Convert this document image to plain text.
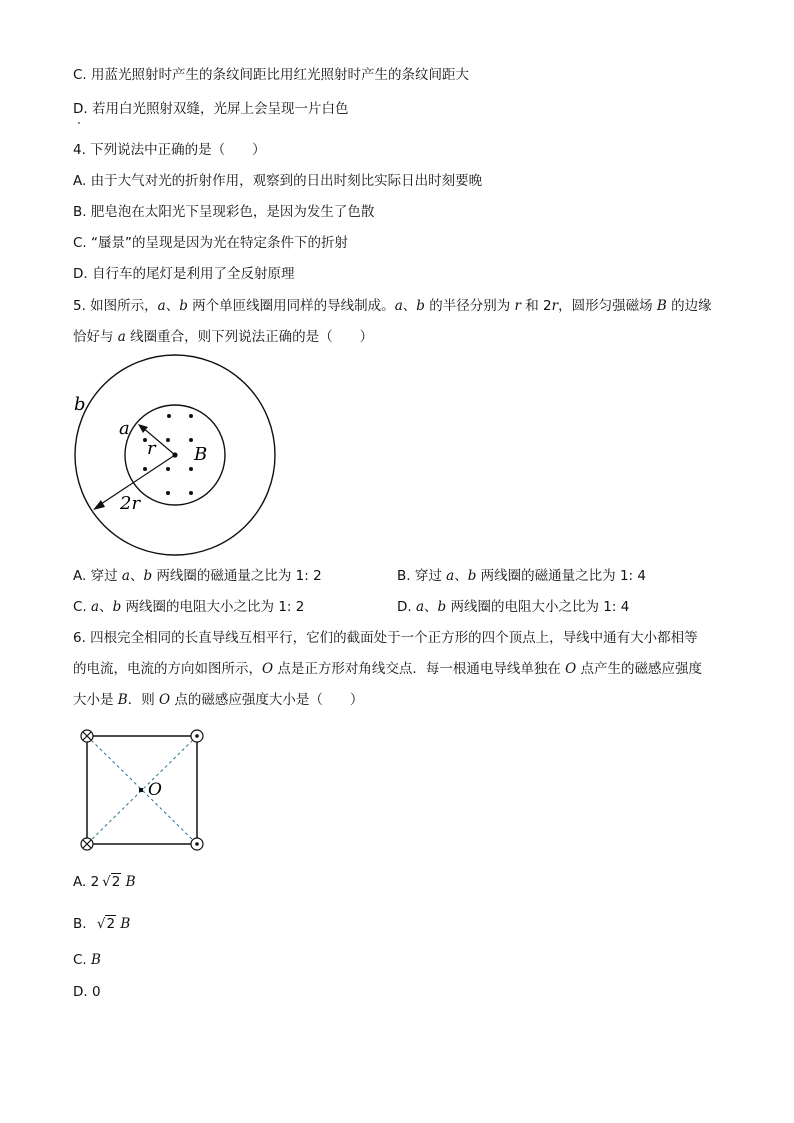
C. 用蓝光照射时产生的条纹间距比用红光照射时产生的条纹间距大
D. 若用白光照射双缝，光屏上会呈现一片白色
4. 下列说法中正确的是（　　）
A. 由于大气对光的折射作用，观察到的日出时刻比实际日出时刻要晚
B. 肥皂泡在太阳光下呈现彩色，是因为发生了色散
C. “蜃景”的呈现是因为光在特定条件下的折射
D. 自行车的尾灯是利用了全反射原理
5. 如图所示，a、b 两个单匝线圈用同样的导线制成。a、b 的半径分别为 r 和 2r，圆形匀强磁场 B 的边缘
恰好与 a 线圈重合，则下列说法正确的是（　　）
b
a
r B
2r
A. 穿过 a、b 两线圈的磁通量之比为 1: 2	B. 穿过 a、b 两线圈的磁通量之比为 1: 4
C. a、b 两线圈的电阻大小之比为 1: 2	D. a、b 两线圈的电阻大小之比为 1: 4
6. 四根完全相同的长直导线互相平行，它们的截面处于一个正方形的四个顶点上，导线中通有大小都相等
的电流，电流的方向如图所示，O 点是正方形对角线交点．每一根通电导线单独在 O 点产生的磁感应强度
大小是 B．则 O 点的磁感应强度大小是（　　）
O
A. 2 √2 B
B. √2 B
C. B
D. 0
